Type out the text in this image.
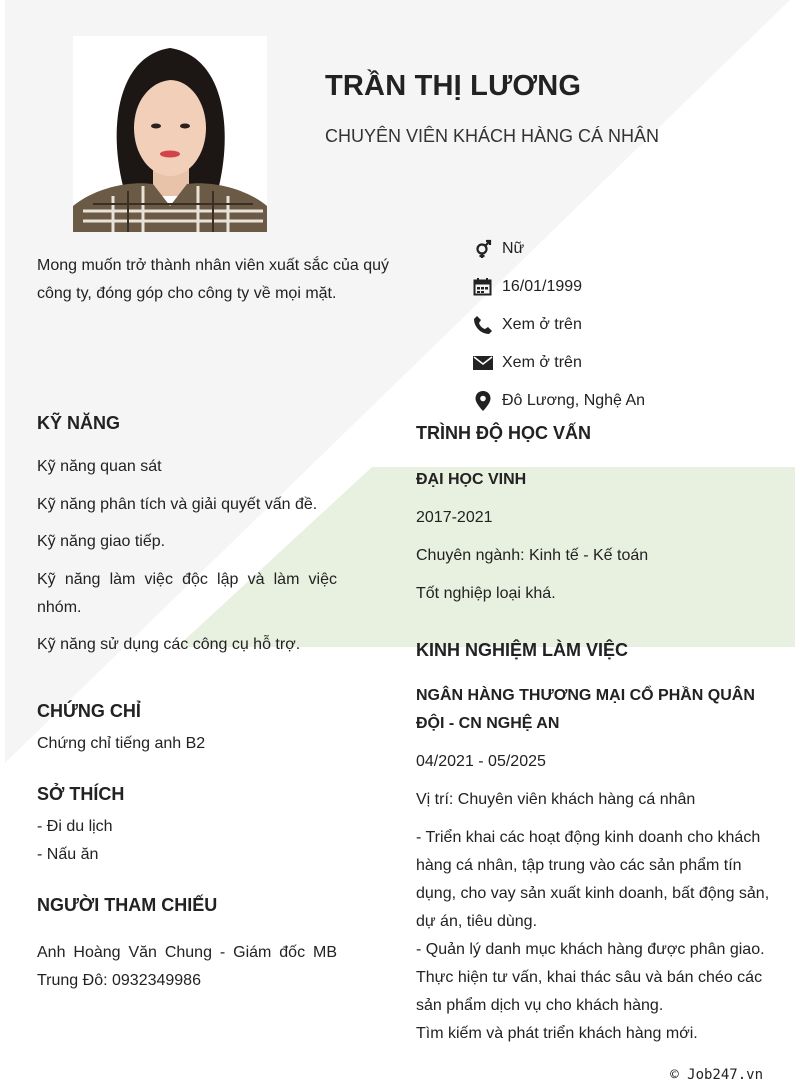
TRẦN THỊ LƯƠNG
CHUYÊN VIÊN KHÁCH HÀNG CÁ NHÂN
Mong muốn trở thành nhân viên xuất sắc của quý công ty, đóng góp cho công ty về mọi mặt.
Nữ
16/01/1999
Xem ở trên
Xem ở trên
Đô Lương, Nghệ An
KỸ NĂNG
Kỹ năng quan sát
Kỹ năng phân tích và giải quyết vấn đề.
Kỹ năng giao tiếp.
Kỹ năng làm việc độc lập và làm việc nhóm.
Kỹ năng sử dụng các công cụ hỗ trợ.
CHỨNG CHỈ
Chứng chỉ tiếng anh B2
SỞ THÍCH
- Đi du lịch
- Nấu ăn
NGƯỜI THAM CHIẾU
Anh Hoàng Văn Chung - Giám đốc MB Trung Đô: 0932349986
TRÌNH ĐỘ HỌC VẤN
ĐẠI HỌC VINH
2017-2021
Chuyên ngành: Kinh tế - Kế toán
Tốt nghiệp loại khá.
KINH NGHIỆM LÀM VIỆC
NGÂN HÀNG THƯƠNG MẠI CỔ PHẦN QUÂN ĐỘI - CN NGHỆ AN
04/2021 - 05/2025
Vị trí: Chuyên viên khách hàng cá nhân
- Triển khai các hoạt động kinh doanh cho khách hàng cá nhân, tập trung vào các sản phẩm tín dụng, cho vay sản xuất kinh doanh, bất động sản, dự án, tiêu dùng.
- Quản lý danh mục khách hàng được phân giao. Thực hiện tư vấn, khai thác sâu và bán chéo các sản phẩm dịch vụ cho khách hàng.
Tìm kiếm và phát triển khách hàng mới.
© Job247.vn
